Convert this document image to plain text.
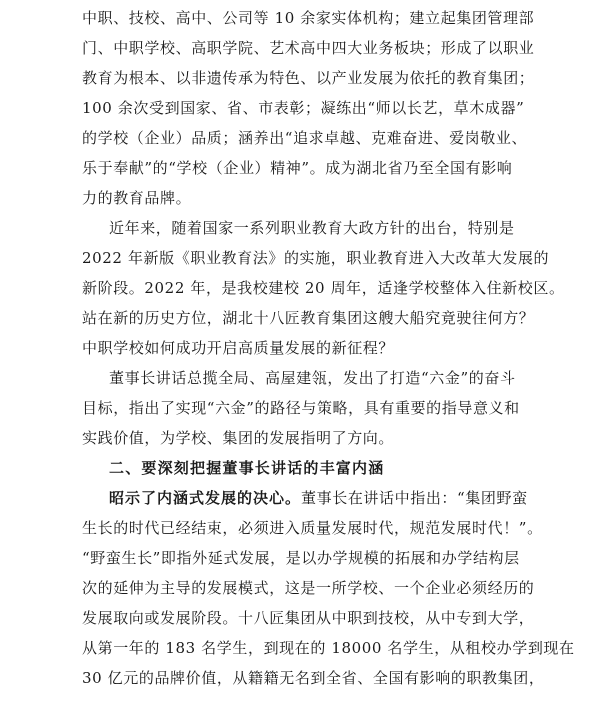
中职、技校、高中、公司等 10 余家实体机构；建立起集团管理部
门、中职学校、高职学院、艺术高中四大业务板块；形成了以职业
教育为根本、以非遗传承为特色、以产业发展为依托的教育集团；
100 余次受到国家、省、市表彰；凝练出“师以长艺，草木成器”
的学校（企业）品质；涵养出“追求卓越、克难奋进、爱岗敬业、
乐于奉献”的“学校（企业）精神”。成为湖北省乃至全国有影响
力的教育品牌。
近年来，随着国家一系列职业教育大政方针的出台，特别是
2022 年新版《职业教育法》的实施，职业教育进入大改革大发展的
新阶段。2022 年，是我校建校 20 周年，适逢学校整体入住新校区。
站在新的历史方位，湖北十八匠教育集团这艘大船究竟驶往何方？
中职学校如何成功开启高质量发展的新征程？
董事长讲话总揽全局、高屋建瓴，发出了打造“六金”的奋斗
目标，指出了实现“六金”的路径与策略，具有重要的指导意义和
实践价值，为学校、集团的发展指明了方向。
二、要深刻把握董事长讲话的丰富内涵
昭示了内涵式发展的决心。董事长在讲话中指出：“集团野蛮
生长的时代已经结束，必须进入质量发展时代，规范发展时代！”。
“野蛮生长”即指外延式发展，是以办学规模的拓展和办学结构层
次的延伸为主导的发展模式，这是一所学校、一个企业必须经历的
发展取向或发展阶段。十八匠集团从中职到技校，从中专到大学，
从第一年的 183 名学生，到现在的 18000 名学生，从租校办学到现在
30 亿元的品牌价值，从籍籍无名到全省、全国有影响的职教集团，
